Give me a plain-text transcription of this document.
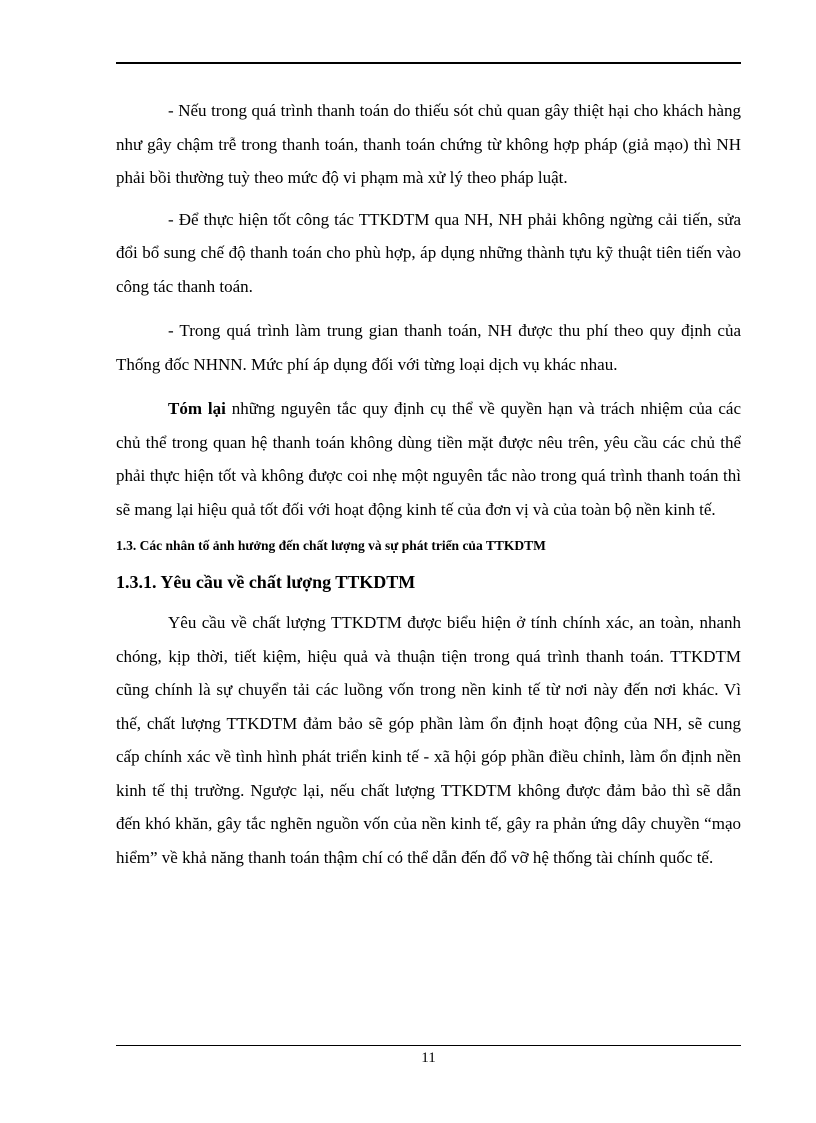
- Nếu trong quá trình thanh toán do thiếu sót chủ quan gây thiệt hại cho khách hàng như gây chậm trễ trong thanh toán, thanh toán chứng từ không hợp pháp (giả mạo) thì NH phải bồi thường tuỳ theo mức độ vi phạm mà xử lý theo pháp luật.

- Để thực hiện tốt công tác TTKDTM qua NH, NH phải không ngừng cải tiến, sửa đổi bổ sung chế độ thanh toán cho phù hợp, áp dụng những thành tựu kỹ thuật tiên tiến vào công tác thanh toán.

- Trong quá trình làm trung gian thanh toán, NH được thu phí theo quy định của Thống đốc NHNN. Mức phí áp dụng đối với từng loại dịch vụ khác nhau.

Tóm lại những nguyên tắc quy định cụ thể về quyền hạn và trách nhiệm của các chủ thể trong quan hệ thanh toán không dùng tiền mặt được nêu trên, yêu cầu các chủ thể phải thực hiện tốt và không được coi nhẹ một nguyên tắc nào trong quá trình thanh toán thì sẽ mang lại hiệu quả tốt đối với hoạt động kinh tế của đơn vị và của toàn bộ nền kinh tế.

1.3. Các nhân tố ảnh hưởng đến chất lượng và sự phát triển của TTKDTM
1.3.1. Yêu cầu về chất lượng TTKDTM

Yêu cầu về chất lượng TTKDTM được biểu hiện ở tính chính xác, an toàn, nhanh chóng, kịp thời, tiết kiệm, hiệu quả và thuận tiện trong quá trình thanh toán. TTKDTM cũng chính là sự chuyển tải các luồng vốn trong nền kinh tế từ nơi này đến nơi khác. Vì thế, chất lượng TTKDTM đảm bảo sẽ góp phần làm ổn định hoạt động của NH, sẽ cung cấp chính xác về tình hình phát triển kinh tế - xã hội góp phần điều chỉnh, làm ổn định nền kinh tế thị trường. Ngược lại, nếu chất lượng TTKDTM không được đảm bảo thì sẽ dẫn đến khó khăn, gây tắc nghẽn nguồn vốn của nền kinh tế, gây ra phản ứng dây chuyền “mạo hiểm” về khả năng thanh toán thậm chí có thể dẫn đến đổ vỡ hệ thống tài chính quốc tế.

11
